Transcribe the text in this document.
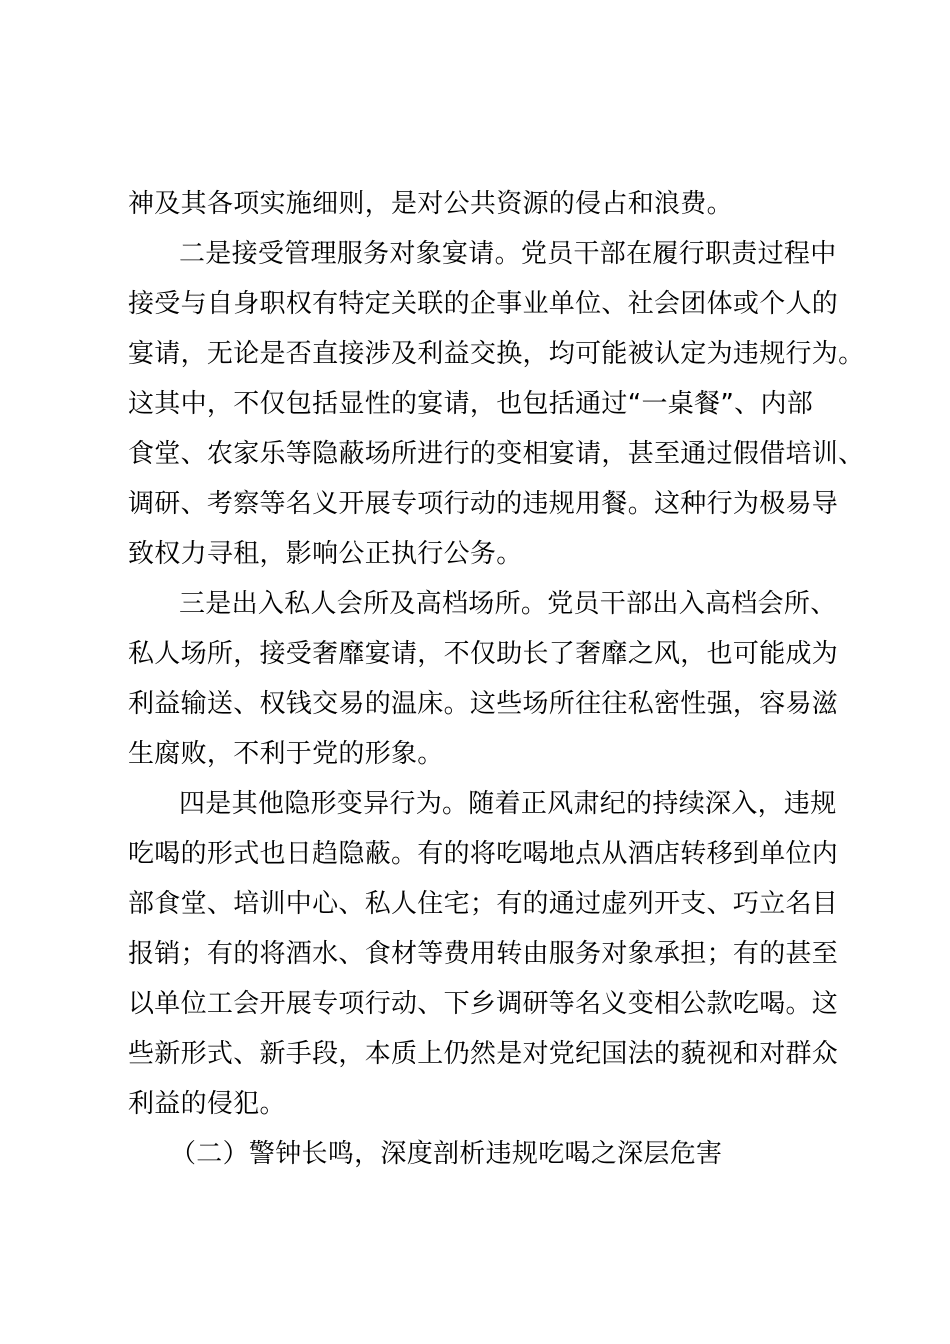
神及其各项实施细则，是对公共资源的侵占和浪费。
二是接受管理服务对象宴请。党员干部在履行职责过程中
接受与自身职权有特定关联的企事业单位、社会团体或个人的
宴请，无论是否直接涉及利益交换，均可能被认定为违规行为。
这其中，不仅包括显性的宴请，也包括通过“一桌餐”、内部
食堂、农家乐等隐蔽场所进行的变相宴请，甚至通过假借培训、
调研、考察等名义开展专项行动的违规用餐。这种行为极易导
致权力寻租，影响公正执行公务。
三是出入私人会所及高档场所。党员干部出入高档会所、
私人场所，接受奢靡宴请，不仅助长了奢靡之风，也可能成为
利益输送、权钱交易的温床。这些场所往往私密性强，容易滋
生腐败，不利于党的形象。
四是其他隐形变异行为。随着正风肃纪的持续深入，违规
吃喝的形式也日趋隐蔽。有的将吃喝地点从酒店转移到单位内
部食堂、培训中心、私人住宅；有的通过虚列开支、巧立名目
报销；有的将酒水、食材等费用转由服务对象承担；有的甚至
以单位工会开展专项行动、下乡调研等名义变相公款吃喝。这
些新形式、新手段，本质上仍然是对党纪国法的藐视和对群众
利益的侵犯。
（二）警钟长鸣，深度剖析违规吃喝之深层危害
